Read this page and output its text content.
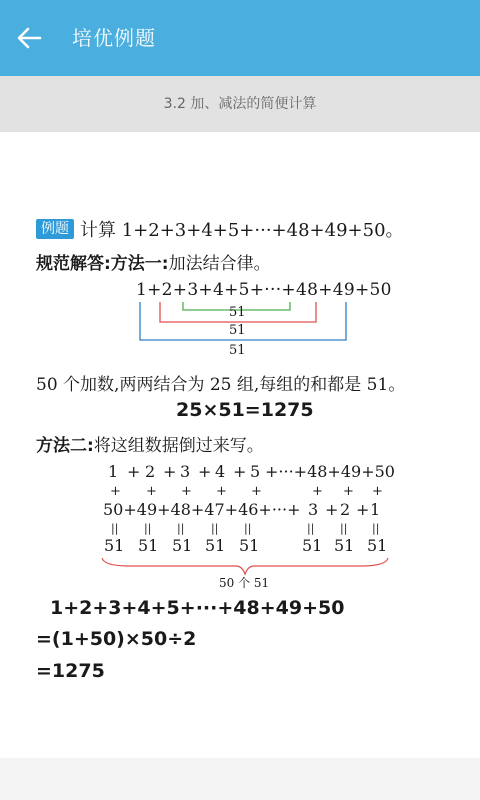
培优例题
3.2 加、减法的简便计算
例题 计算 1+2+3+4+5+···+48+49+50。
规范解答:方法一:加法结合律。
1+2+3+4+5+···+48+49+50
51
51
51
50 个加数,两两结合为 25 组,每组的和都是 51。
25×51=1275
方法二:将这组数据倒过来写。
1 + 2 + 3 + 4 + 5 +···+48+49+50
+ + + + +	+ + +
50+49+48+47+46+···+ 3 + 2 + 1
|| || || || ||	|| || ||
51 51 51 51 51	51 51 51
50 个 51
1+2+3+4+5+···+48+49+50
=(1+50)×50÷2
=1275
